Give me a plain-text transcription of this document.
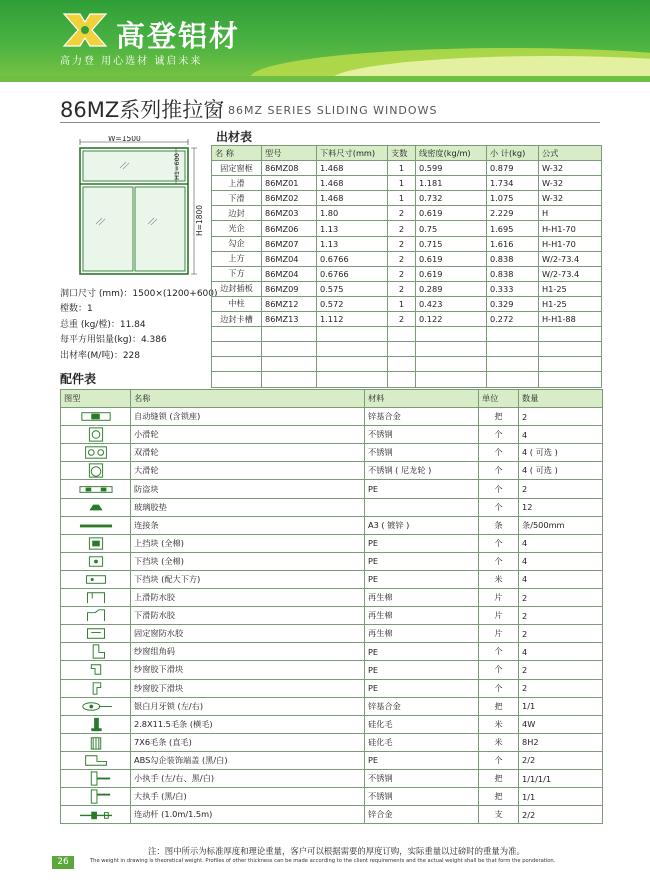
高登铝材
高力登 用心选材 诚启未来
86MZ系列推拉窗 86MZ SERIES SLIDING WINDOWS
W=1500
H1=600
H=1800
洞口尺寸 (mm)：1500×(1200+600)
樘数：1
总重 (kg/樘)：11.84
每平方用铝量(kg)：4.386
出材率(M/吨)：228
出材表
名 称	型号	下料尺寸(mm)	支数	线密度(kg/m)	小 计(kg)	公式
固定窗框	86MZ08	1.468	1	0.599	0.879	W-32
上滑	86MZ01	1.468	1	1.181	1.734	W-32
下滑	86MZ02	1.468	1	0.732	1.075	W-32
边封	86MZ03	1.80	2	0.619	2.229	H
光企	86MZ06	1.13	2	0.75	1.695	H-H1-70
勾企	86MZ07	1.13	2	0.715	1.616	H-H1-70
上方	86MZ04	0.6766	2	0.619	0.838	W/2-73.4
下方	86MZ04	0.6766	2	0.619	0.838	W/2-73.4
边封插板	86MZ09	0.575	2	0.289	0.333	H1-25
中柱	86MZ12	0.572	1	0.423	0.329	H1-25
边封卡槽	86MZ13	1.112	2	0.122	0.272	H-H1-88

配件表
图型	名称	材料	单位	数量

	自动缝锁 (含锁座)	锌基合金	把	2

	小滑轮	不锈钢	个	4

	双滑轮	不锈钢	个	4 ( 可选 )

	大滑轮	不锈钢 ( 尼龙轮 )	个	4 ( 可选 )

	防盗块	PE	个	2

	玻璃胶垫		个	12

	连接条	A3 ( 镀锌 )	条	条/500mm

	上挡块 (全棉)	PE	个	4

	下挡块 (全棉)	PE	个	4

	下挡块 (配大下方)	PE	米	4

	上滑防水胶	再生棉	片	2

	下滑防水胶	再生棉	片	2

	固定窗防水胶	再生棉	片	2

	纱窗组角码	PE	个	4

	纱窗胶下滑块	PE	个	2

	纱窗胶下滑块	PE	个	2

	银白月牙锁 (左/右)	锌基合金	把	1/1

	2.8X11.5毛条 (横毛)	硅化毛	米	4W

	7X6毛条 (直毛)	硅化毛	米	8H2

	ABS勾企装饰端盖 (黑/白)	PE	个	2/2

	小执手 (左/右、黑/白)	不锈钢	把	1/1/1/1

	大执手 (黑/白)	不锈钢	把	1/1

	连动杆 (1.0m/1.5m)	锌合金	支	2/2
注：图中所示为标准厚度和理论重量，客户可以根据需要的厚度订购，实际重量以过磅时的重量为准。
26	The weight in drawing is theoretical weight. Profiles of other thickness can be made according to the client requirements and the actual weight shall be that form the ponderation.
